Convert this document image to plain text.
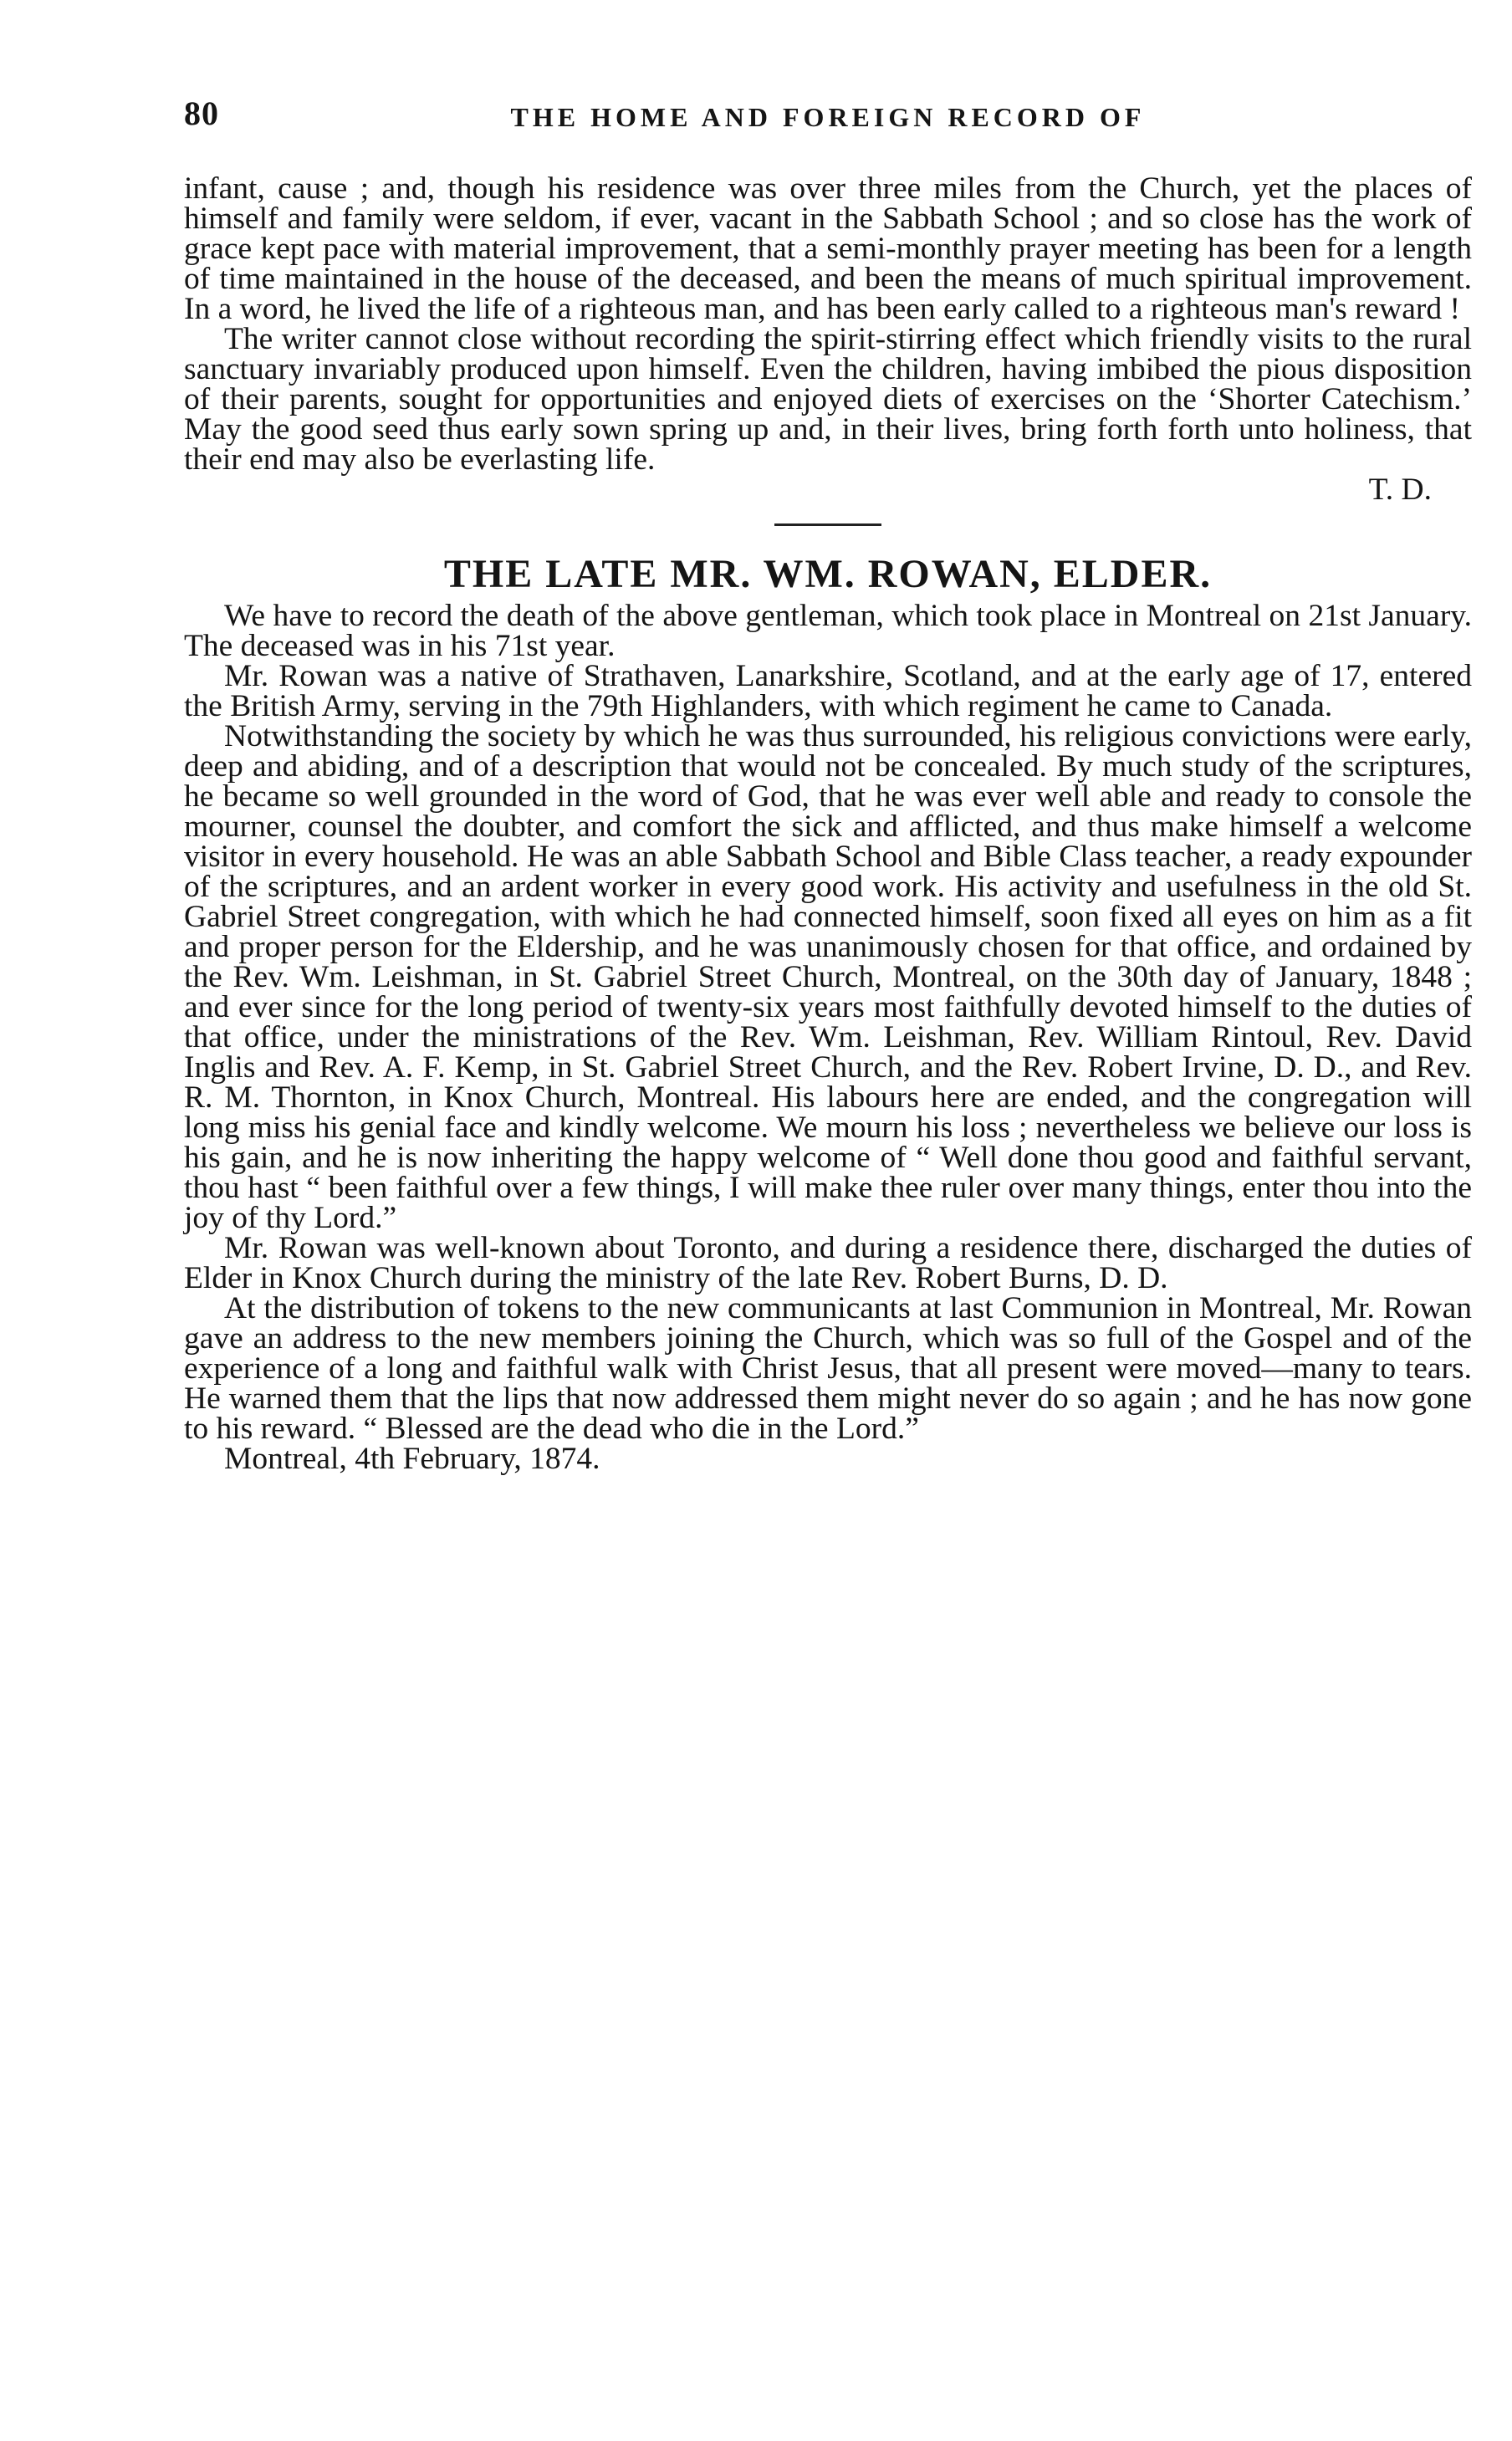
80	THE HOME AND FOREIGN RECORD OF

infant, cause ; and, though his residence was over three miles from the Church, yet the places of himself and family were seldom, if ever, vacant in the Sabbath School ; and so close has the work of grace kept pace with material improvement, that a semi-monthly prayer meeting has been for a length of time maintained in the house of the deceased, and been the means of much spiritual improvement. In a word, he lived the life of a righteous man, and has been early called to a righteous man's reward !

The writer cannot close without recording the spirit-stirring effect which friendly visits to the rural sanctuary invariably produced upon himself. Even the children, having imbibed the pious disposition of their parents, sought for opportunities and enjoyed diets of exercises on the ‘Shorter Catechism.’ May the good seed thus early sown spring up and, in their lives, bring forth forth unto holiness, that their end may also be everlasting life.

T. D.
THE LATE MR. WM. ROWAN, ELDER.

We have to record the death of the above gentleman, which took place in Montreal on 21st January. The deceased was in his 71st year.

Mr. Rowan was a native of Strathaven, Lanarkshire, Scotland, and at the early age of 17, entered the British Army, serving in the 79th Highlanders, with which regiment he came to Canada.

Notwithstanding the society by which he was thus surrounded, his religious convictions were early, deep and abiding, and of a description that would not be concealed. By much study of the scriptures, he became so well grounded in the word of God, that he was ever well able and ready to console the mourner, counsel the doubter, and comfort the sick and afflicted, and thus make himself a welcome visitor in every household. He was an able Sabbath School and Bible Class teacher, a ready expounder of the scriptures, and an ardent worker in every good work. His activity and usefulness in the old St. Gabriel Street congregation, with which he had connected himself, soon fixed all eyes on him as a fit and proper person for the Eldership, and he was unanimously chosen for that office, and ordained by the Rev. Wm. Leishman, in St. Gabriel Street Church, Montreal, on the 30th day of January, 1848 ; and ever since for the long period of twenty-six years most faithfully devoted himself to the duties of that office, under the ministrations of the Rev. Wm. Leishman, Rev. William Rintoul, Rev. David Inglis and Rev. A. F. Kemp, in St. Gabriel Street Church, and the Rev. Robert Irvine, D. D., and Rev. R. M. Thornton, in Knox Church, Montreal. His labours here are ended, and the congregation will long miss his genial face and kindly welcome. We mourn his loss ; nevertheless we believe our loss is his gain, and he is now inheriting the happy welcome of “ Well done thou good and faithful servant, thou hast “ been faithful over a few things, I will make thee ruler over many things, enter thou into the joy of thy Lord.”

Mr. Rowan was well-known about Toronto, and during a residence there, discharged the duties of Elder in Knox Church during the ministry of the late Rev. Robert Burns, D. D.

At the distribution of tokens to the new communicants at last Communion in Montreal, Mr. Rowan gave an address to the new members joining the Church, which was so full of the Gospel and of the experience of a long and faithful walk with Christ Jesus, that all present were moved—many to tears. He warned them that the lips that now addressed them might never do so again ; and he has now gone to his reward. “ Blessed are the dead who die in the Lord.”

Montreal, 4th February, 1874.
